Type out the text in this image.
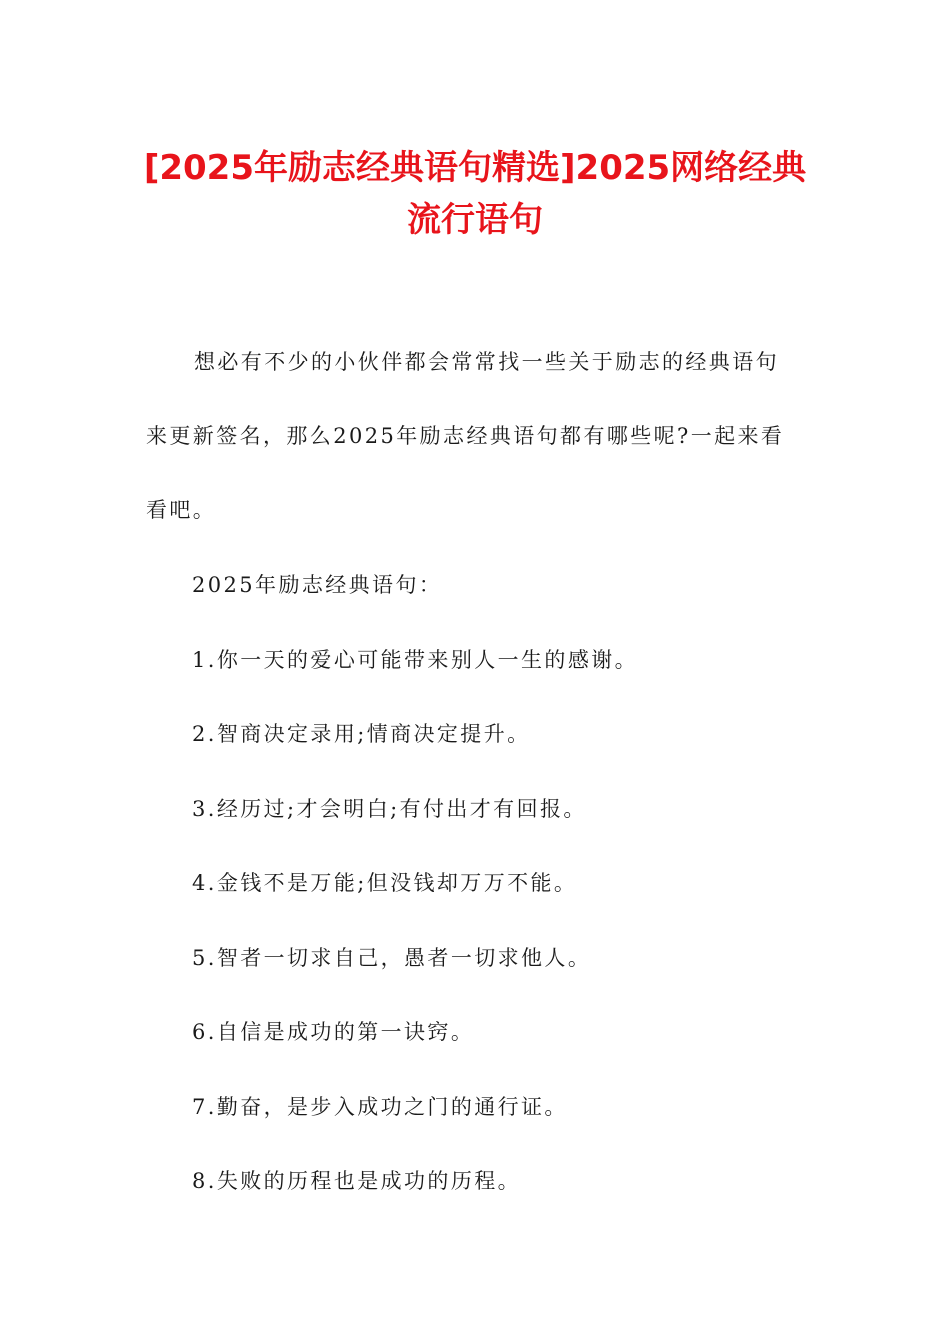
[2025年励志经典语句精选]2025网络经典
流行语句

想必有不少的小伙伴都会常常找一些关于励志的经典语句
来更新签名，那么2025年励志经典语句都有哪些呢?一起来看
看吧。

2025年励志经典语句：
1.你一天的爱心可能带来别人一生的感谢。
2.智商决定录用;情商决定提升。
3.经历过;才会明白;有付出才有回报。
4.金钱不是万能;但没钱却万万不能。
5.智者一切求自己，愚者一切求他人。
6.自信是成功的第一诀窍。
7.勤奋，是步入成功之门的通行证。
8.失败的历程也是成功的历程。
